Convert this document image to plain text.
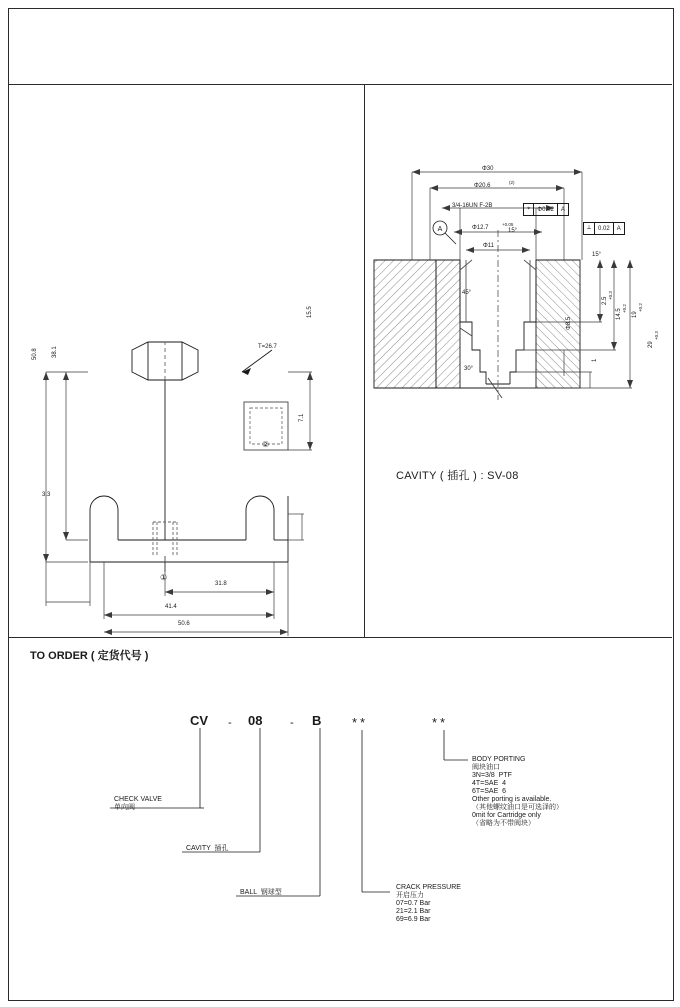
50.8 38.1
15.5
7.1
3.3
41.4
31.8
50.6
T=26.7
①
②
A
Φ30
Φ20.6
(2)
3/4-16UN F-2B
Φ12.7
+0.05
Φ11
Φ8.5
15°
15°
45°
30°
2.5
+0.3
14.5 +0.2
19
+0.2
29
+0.3
1
⌖	Φ0.02	A
⟂	0.02	A
CAVITY ( 插孔 ) : SV-08
TO ORDER ( 定货代号 )
CV - 08	- B **	**
CHECK VALVE
单向阀
CAVITY  插孔
BALL  钢球型
CRACK PRESSURE
开启压力
07=0.7 Bar
21=2.1 Bar
69=6.9 Bar
BODY PORTING
阀块油口
3N=3/8  PTF
4T=SAE  4
6T=SAE  6
Other porting is available.
（其他螺纹油口是可选泽的）
0mit for Cartridge only
（省略为不带阀块）
